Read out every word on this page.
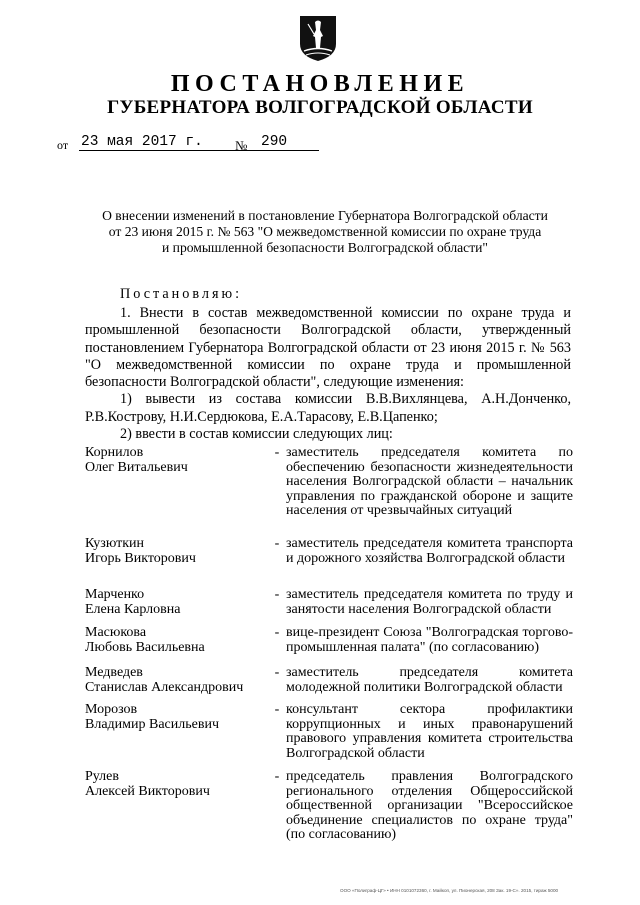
ПОСТАНОВЛЕНИЕ
ГУБЕРНАТОРА ВОЛГОГРАДСКОЙ ОБЛАСТИ
от 23 мая 2017 г.	№ 290
О внесении изменений в постановление Губернатора Волгоградской области
от 23 июня 2015 г. № 563 "О межведомственной комиссии по охране труда
и промышленной безопасности Волгоградской области"
Постановляю:

1. Внести в состав межведомственной комиссии по охране труда и промышленной безопасности Волгоградской области, утвержденный постановлением Губернатора Волгоградской области от 23 июня 2015 г. № 563 "О межведомственной комиссии по охране труда и промышленной безопасности Волгоградской области", следующие изменения:

1) вывести из состава комиссии В.В.Вихлянцева, А.Н.Донченко, Р.В.Кострову, Н.И.Сердюкова, Е.А.Тарасову, Е.В.Цапенко;

2) ввести в состав комиссии следующих лиц:

Корнилов
Олег Витальевич
- заместитель председателя комитета по обеспечению безопасности жизнедеятельности населения Волгоградской области – начальник управления по гражданской обороне и защите населения от чрезвычайных ситуаций
Кузюткин
Игорь Викторович
- заместитель председателя комитета транспорта и дорожного хозяйства Волгоградской области
Марченко
Елена Карловна
- заместитель председателя комитета по труду и занятости населения Волгоградской области
Масюкова
Любовь Васильевна
- вице-президент Союза "Волгоградская торгово-промышленная палата" (по согласованию)
Медведев
Станислав Александрович
- заместитель председателя комитета молодежной политики Волгоградской области
Морозов
Владимир Васильевич
- консультант сектора профилактики коррупционных и иных правонарушений правового управления комитета строительства Волгоградской области
Рулев
Алексей Викторович
- председатель правления Волгоградского регионального отделения Общероссийской общественной организации "Всероссийское объединение специалистов по охране труда" (по согласованию)
ООО «Полиграф-ЦГ» • ИНН 0101072360, г. Майкоп, ул. Пионерская, 208 Зак. 19-С». 2015, тираж 5000
